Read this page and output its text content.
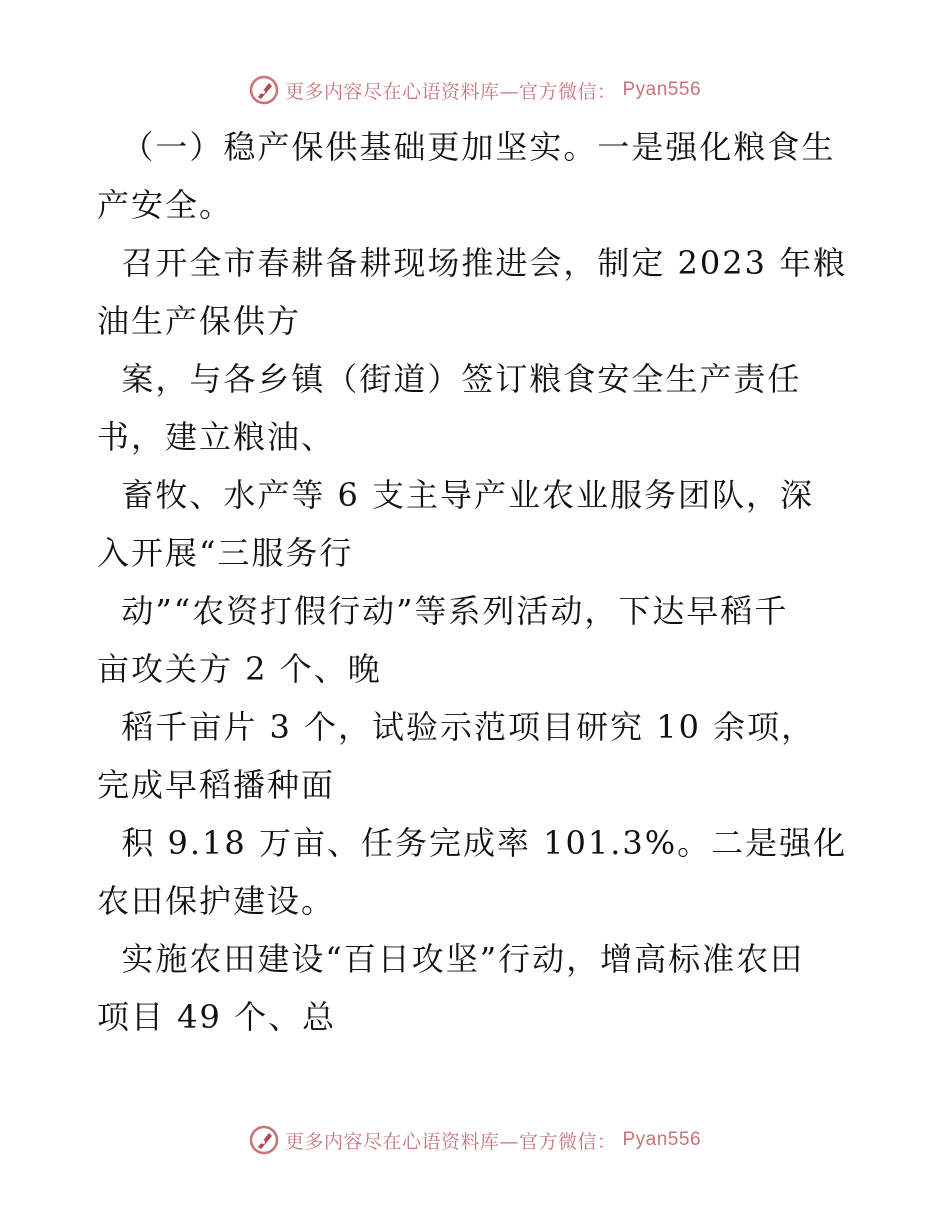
更多内容尽在心语资料库—官方微信： Pyan556
（一）稳产保供基础更加坚实。一是强化粮食生
产安全。
召开全市春耕备耕现场推进会，制定 2023 年粮
油生产保供方
案，与各乡镇（街道）签订粮食安全生产责任
书，建立粮油、
畜牧、水产等 6 支主导产业农业服务团队，深
入开展“三服务行
动”“农资打假行动”等系列活动，下达早稻千
亩攻关方 2 个、晚
稻千亩片 3 个，试验示范项目研究 10 余项，
完成早稻播种面
积 9.18 万亩、任务完成率 101.3%。二是强化
农田保护建设。
实施农田建设“百日攻坚”行动，增高标准农田
项目 49 个、总
更多内容尽在心语资料库—官方微信： Pyan556
